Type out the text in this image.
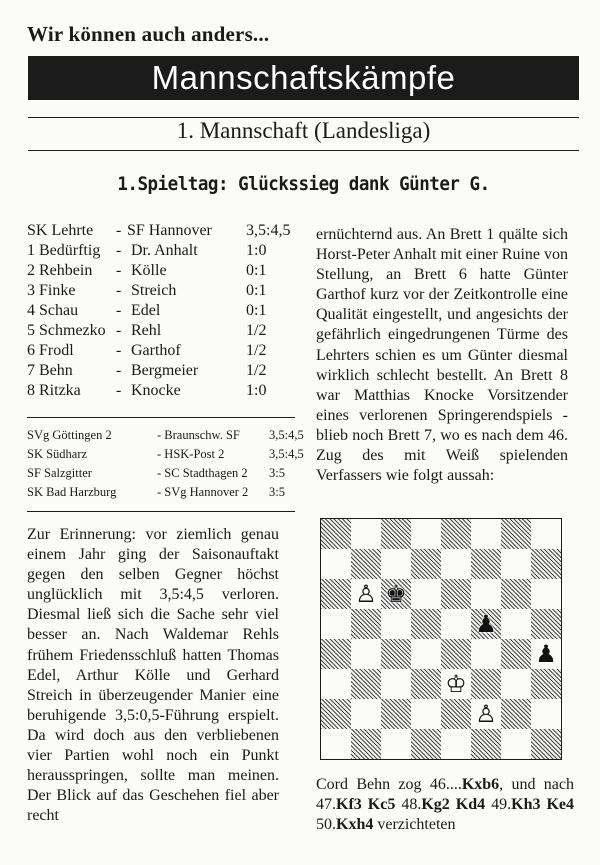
Wir können auch anders...
Mannschaftskämpfe
1. Mannschaft (Landesliga)
1.Spieltag: Glückssieg dank Günter G.
SK Lehrte - SF Hannover 3,5:4,5
1 Bedürftig - Dr. Anhalt	1:0
2 Rehbein - Kölle	0:1
3 Finke	- Streich	0:1
4 Schau - Edel	0:1
5 Schmezko - Rehl	1/2
6 Frodl	- Garthof	1/2
7 Behn	- Bergmeier	1/2
8 Ritzka - Knocke	1:0
SVg Göttingen 2	- Braunschw. SF 3,5:4,5
SK Südharz	- HSK-Post 2	3,5:4,5
SF Salzgitter	- SC Stadthagen 2 3:5
SK Bad Harzburg	- SVg Hannover 2 3:5
Zur Erinnerung: vor ziemlich genau einem Jahr ging der Saisonauftakt gegen den selben Gegner höchst unglücklich mit 3,5:4,5 verloren. Diesmal ließ sich die Sache sehr viel besser an. Nach Waldemar Rehls frühem Friedensschluß hatten Thomas Edel, Arthur Kölle und Gerhard Streich in überzeugender Manier eine beruhigende 3,5:0,5-Führung erspielt. Da wird doch aus den verbliebenen vier Partien wohl noch ein Punkt herausspringen, sollte man meinen. Der Blick auf das Geschehen fiel aber recht
ernüchternd aus. An Brett 1 quälte sich Horst-Peter Anhalt mit einer Ruine von Stellung, an Brett 6 hatte Günter Garthof kurz vor der Zeitkontrolle eine Qualität eingestellt, und angesichts der gefährlich eingedrungenen Türme des Lehrters schien es um Günter diesmal wirklich schlecht bestellt. An Brett 8 war Matthias Knocke Vorsitzender eines verlorenen Springerendspiels - blieb noch Brett 7, wo es nach dem 46. Zug des mit Weiß spielenden Verfassers wie folgt aussah:
♙ ♚
♟
♟
♔
♙
Cord Behn zog 46....Kxb6, und nach 47.Kf3 Kc5 48.Kg2 Kd4 49.Kh3 Ke4 50.Kxh4 verzichteten
